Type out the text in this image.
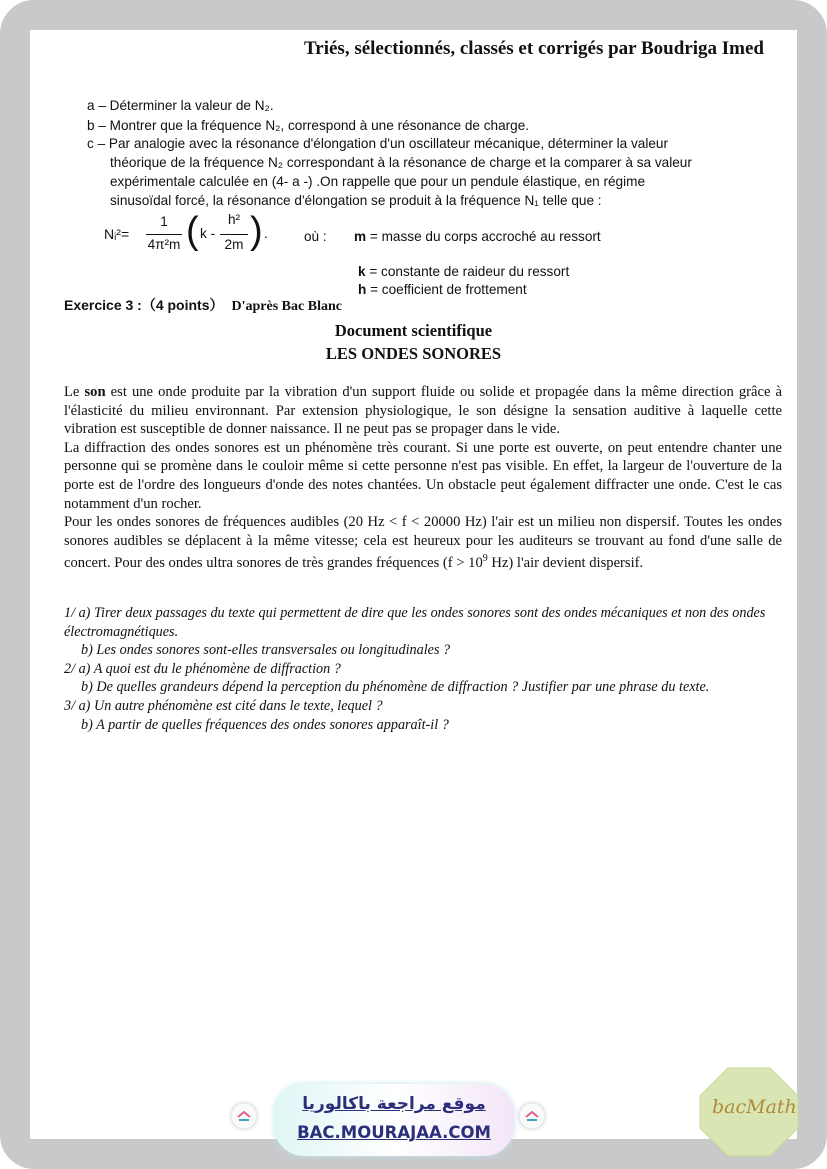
Triés, sélectionnés, classés et corrigés par Boudriga Imed
a – Déterminer la valeur de N₂.
b – Montrer que la fréquence N₂, correspond à une résonance de charge.
c – Par analogie avec la résonance d'élongation d'un oscillateur mécanique, déterminer la valeur
théorique de la fréquence N₂ correspondant à la résonance de charge et la comparer à sa valeur
expérimentale calculée en (4- a -) .On rappelle que pour un pendule élastique, en régime
sinusoïdal forcé, la résonance d'élongation se produit à la fréquence N₁ telle que :
Nᵢ²=
1
4π²m ( k -
h²
2m ) .	où : m = masse du corps accroché au ressort
k = constante de raideur du ressort
h = coefficient de frottement
Exercice 3 :（4 points） D'après Bac Blanc
Document scientifique
LES ONDES SONORES

Le son est une onde produite par la vibration d'un support fluide ou solide et propagée dans la même direction grâce à l'élasticité du milieu environnant. Par extension physiologique, le son désigne la sensation auditive à laquelle cette vibration est susceptible de donner naissance. Il ne peut pas se propager dans le vide.

La diffraction des ondes sonores est un phénomène très courant. Si une porte est ouverte, on peut entendre chanter une personne qui se promène dans le couloir même si cette personne n'est pas visible. En effet, la largeur de l'ouverture de la porte est de l'ordre des longueurs d'onde des notes chantées. Un obstacle peut également diffracter une onde. C'est le cas notamment d'un rocher.

Pour les ondes sonores de fréquences audibles (20 Hz < f < 20000 Hz) l'air est un milieu non dispersif. Toutes les ondes sonores audibles se déplacent à la même vitesse; cela est heureux pour les auditeurs se trouvant au fond d'une salle de concert. Pour des ondes ultra sonores de très grandes fréquences ($f > 10^9$ Hz) l'air devient dispersif.

1/ a) Tirer deux passages du texte qui permettent de dire que les ondes sonores sont des ondes mécaniques et non des ondes électromagnétiques.

b) Les ondes sonores sont-elles transversales ou longitudinales ?

2/ a) A quoi est du le phénomène de diffraction ?

b) De quelles grandeurs dépend la perception du phénomène de diffraction ? Justifier par une phrase du texte.

3/ a) Un autre phénomène est cité dans le texte, lequel ?

b) A partir de quelles fréquences des ondes sonores apparaît-il ?

موقع مراجعة باكالوريا
BAC.MOURAJAA.COM
bacMath
